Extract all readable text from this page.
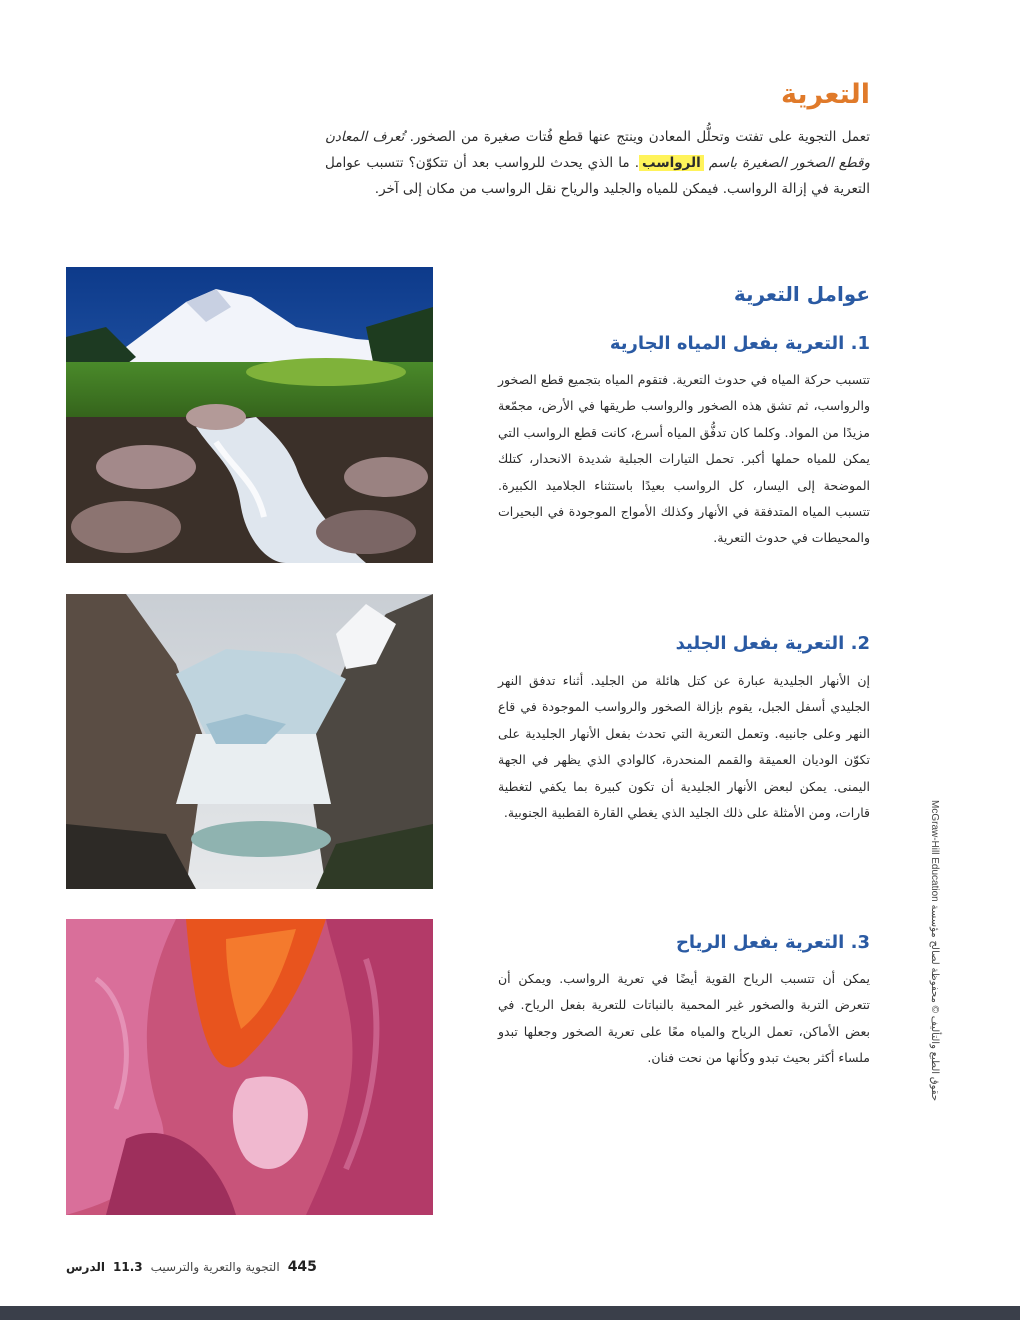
التعرية

تعمل التجوية على تفتت وتحلُّل المعادن وينتج عنها قطع فُتات صغيرة من الصخور. تُعرف المعادن وقطع الصخور الصغيرة باسم الرواسب. ما الذي يحدث للرواسب بعد أن تتكوّن؟ تتسبب عوامل التعرية في إزالة الرواسب. فيمكن للمياه والجليد والرياح نقل الرواسب من مكان إلى آخر.

عوامل التعرية
1. التعرية بفعل المياه الجارية

تتسبب حركة المياه في حدوث التعرية. فتقوم المياه بتجميع قطع الصخور والرواسب، ثم تشق هذه الصخور والرواسب طريقها في الأرض، مجمّعة مزيدًا من المواد. وكلما كان تدفُّق المياه أسرع، كانت قطع الرواسب التي يمكن للمياه حملها أكبر. تحمل التيارات الجبلية شديدة الانحدار، كتلك الموضحة إلى اليسار، كل الرواسب بعيدًا باستثناء الجلاميد الكبيرة. تتسبب المياه المتدفقة في الأنهار وكذلك الأمواج الموجودة في البحيرات والمحيطات في حدوث التعرية.

2. التعرية بفعل الجليد

إن الأنهار الجليدية عبارة عن كتل هائلة من الجليد. أثناء تدفق النهر الجليدي أسفل الجبل، يقوم بإزالة الصخور والرواسب الموجودة في قاع النهر وعلى جانبيه. وتعمل التعرية التي تحدث بفعل الأنهار الجليدية على تكوّن الوديان العميقة والقمم المنحدرة، كالوادي الذي يظهر في الجهة اليمنى. يمكن لبعض الأنهار الجليدية أن تكون كبيرة بما يكفي لتغطية قارات، ومن الأمثلة على ذلك الجليد الذي يغطي القارة القطبية الجنوبية.

3. التعرية بفعل الرياح

يمكن أن تتسبب الرياح القوية أيضًا في تعرية الرواسب. ويمكن أن تتعرض التربة والصخور غير المحمية بالنباتات للتعرية بفعل الرياح. في بعض الأماكن، تعمل الرياح والمياه معًا على تعرية الصخور وجعلها تبدو ملساء أكثر بحيث تبدو وكأنها من نحت فنان.

حقوق الطبع والتأليف © محفوظة لصالح مؤسسة McGraw-Hill Education
الدرس 11.3 التجوية والتعرية والترسيب 445
